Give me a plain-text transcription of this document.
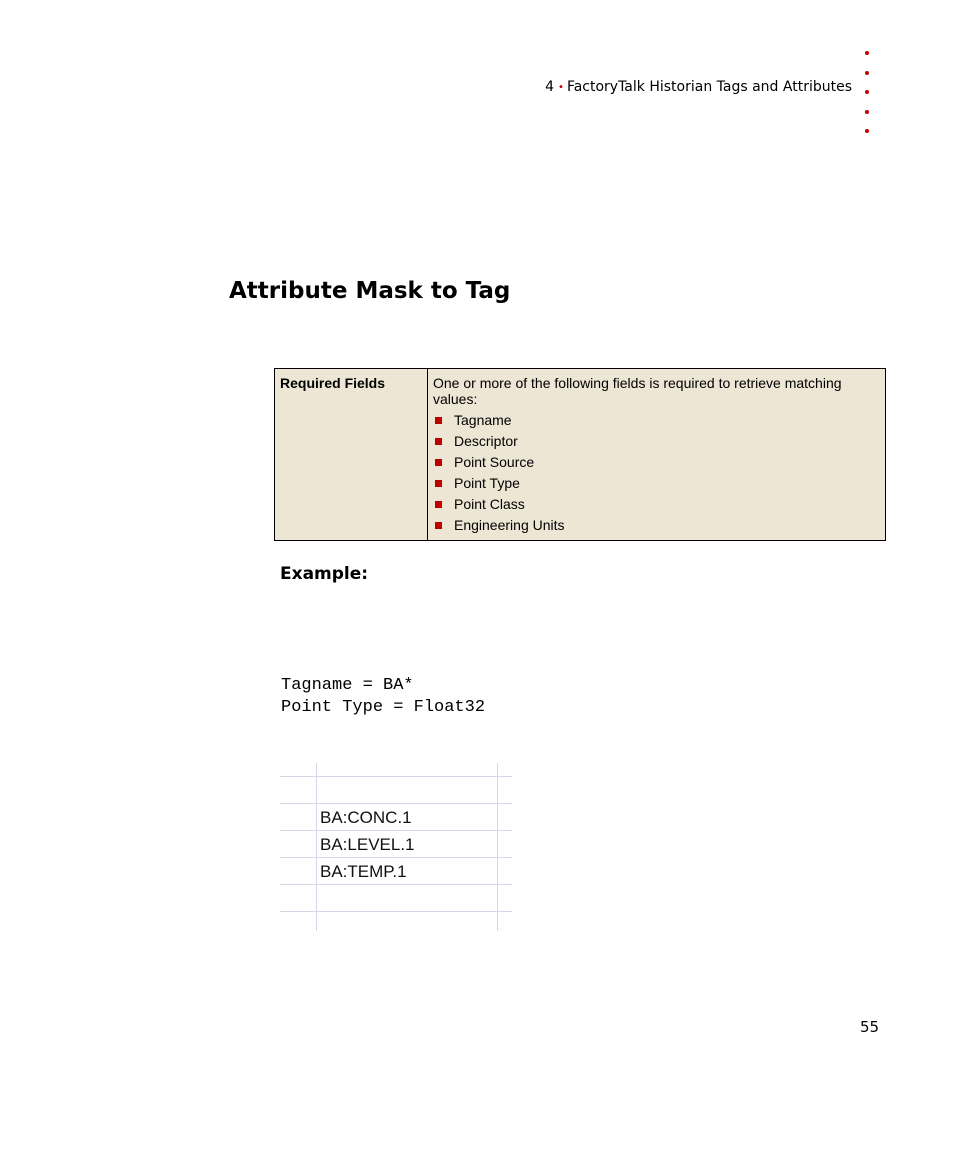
4 • FactoryTalk Historian Tags and Attributes
Attribute Mask to Tag
Required Fields	One or more of the following fields is required to retrieve matching values:
Tagname
Descriptor
Point Source
Point Type
Point Class
Engineering Units
Example:
Tagname = BA*
Point Type = Float32
BA:CONC.1
BA:LEVEL.1
BA:TEMP.1
55
